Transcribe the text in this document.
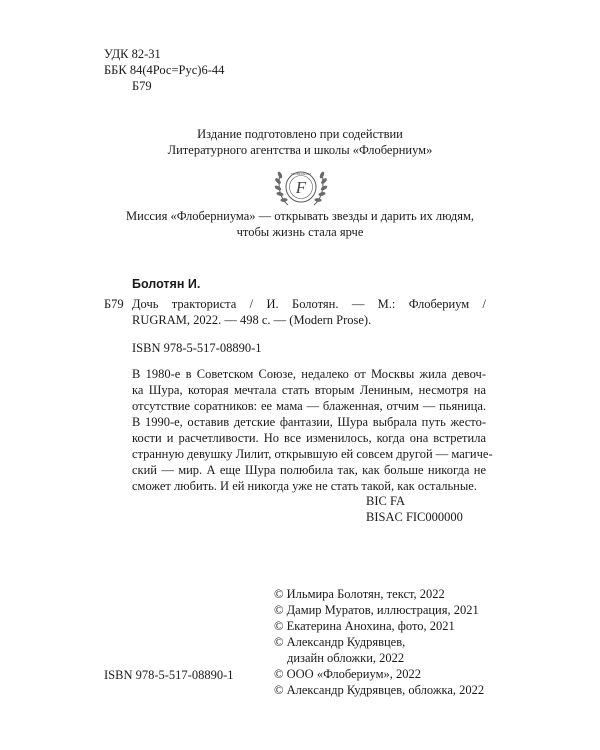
УДК 82-31
ББК 84(4Рос=Рус)6-44
Б79
Издание подготовлено при содействии
Литературного агентства и школы «Флоберниум»
FLOBERNIUM
F
Миссия «Флоберниума» — открывать звезды и дарить их людям,
чтобы жизнь стала ярче
Болотян И.
Б79 Дочь тракториста / И. Болотян. — М.: Флобериум /
RUGRAM, 2022. — 498 с. — (Modern Prose).
ISBN 978-5-517-08890-1
В 1980-е в Советском Союзе, недалеко от Москвы жила девоч-
ка Шура, которая мечтала стать вторым Лениным, несмотря на
отсутствие соратников: ее мама — блаженная, отчим — пьяница.
В 1990-е, оставив детские фантазии, Шура выбрала путь жесто-
кости и расчетливости. Но все изменилось, когда она встретила
странную девушку Лилит, открывшую ей совсем другой — магиче-
ский — мир. А еще Шура полюбила так, как больше никогда не
сможет любить. И ей никогда уже не стать такой, как остальные.
BIC FA
BISAC FIC000000
© Ильмира Болотян, текст, 2022
© Дамир Муратов, иллюстрация, 2021
© Екатерина Анохина, фото, 2021
© Александр Кудрявцев,
дизайн обложки, 2022
© ООО «Флобериум», 2022
© Александр Кудрявцев, обложка, 2022
ISBN 978-5-517-08890-1
